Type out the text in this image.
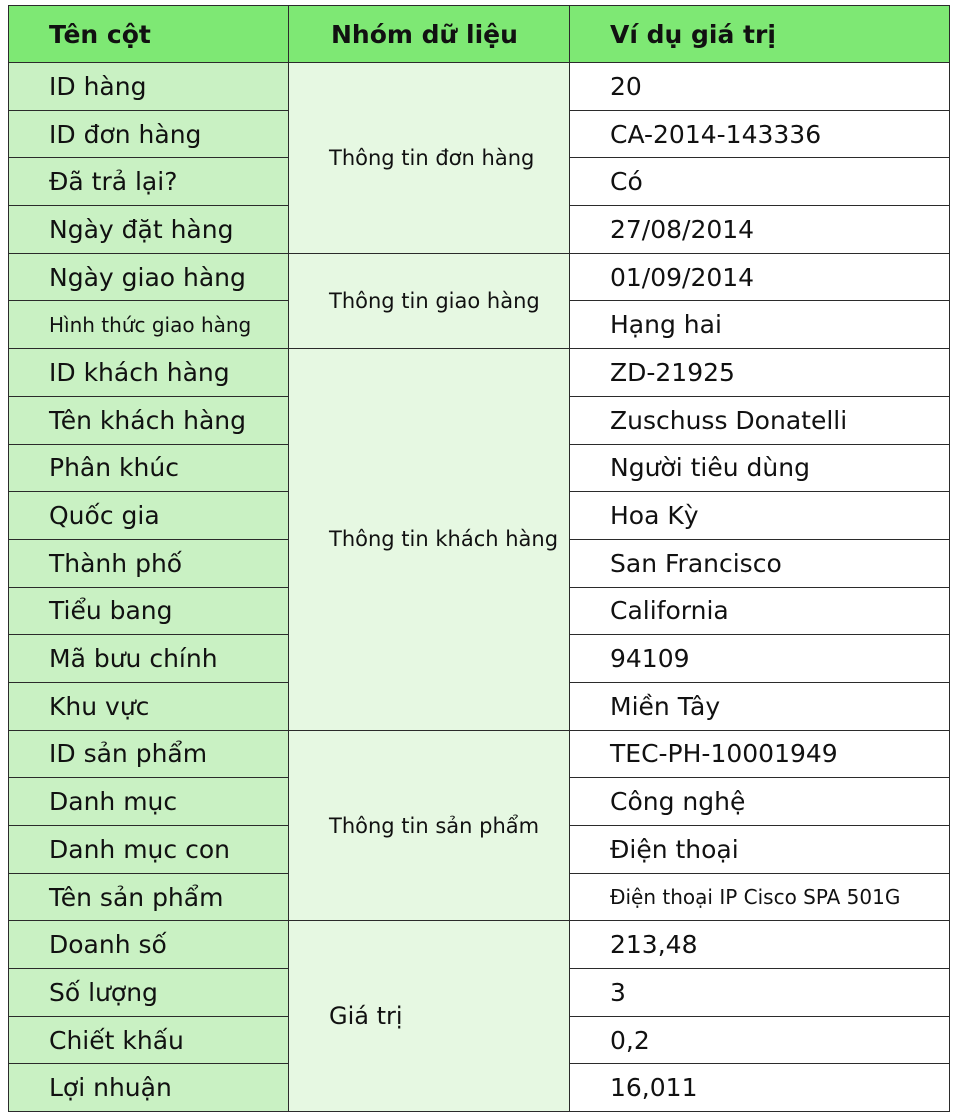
Tên cột	Nhóm dữ liệu	Ví dụ giá trị
ID hàng	Thông tin đơn hàng	20
ID đơn hàng		CA-2014-143336
Đã trả lại?		Có
Ngày đặt hàng		27/08/2014
Ngày giao hàng	Thông tin giao hàng	01/09/2014
Hình thức giao hàng		Hạng hai
ID khách hàng	Thông tin khách hàng	ZD-21925
Tên khách hàng		Zuschuss Donatelli
Phân khúc		Người tiêu dùng
Quốc gia		Hoa Kỳ
Thành phố		San Francisco
Tiểu bang		California
Mã bưu chính		94109
Khu vực		Miền Tây
ID sản phẩm	Thông tin sản phẩm	TEC-PH-10001949
Danh mục		Công nghệ
Danh mục con		Điện thoại
Tên sản phẩm		Điện thoại IP Cisco SPA 501G
Doanh số	Giá trị	213,48
Số lượng		3
Chiết khấu		0,2
Lợi nhuận		16,011
